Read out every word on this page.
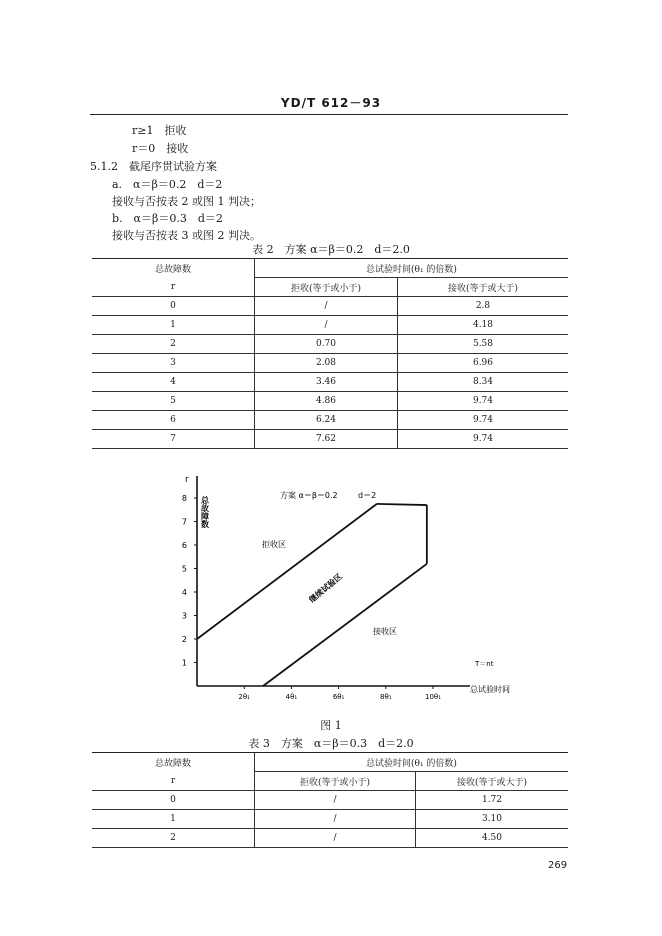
YD/T 612－93
r≥1　拒收
r＝0　接收
5.1.2　截尾序贯试验方案
a.　α＝β＝0.2　d＝2
接收与否按表 2 或图 1 判决；
b.　α＝β＝0.3　d＝2
接收与否按表 3 或图 2 判决。
表 2　方案 α＝β＝0.2　d＝2.0
总故障数	总试验时间(θ₁ 的倍数)	
r	拒收(等于或小于)	接收(等于或大于)
0	/	2.8
1	/	4.18
2	0.70	5.58
3	2.08	6.96
4	3.46	8.34
5	4.86	9.74
6	6.24	9.74
7	7.62	9.74
r
总故障数
1
2
3
4
5
6
7
8
2θ₁	4θ₁	6θ₁	8θ₁	10θ₁
方案 α＝β＝0.2	d＝2
拒收区
继续试验区
接收区
T＝nt
总试验时间
图 1
表 3　方案　α＝β＝0.3　d＝2.0
总故障数	总试验时间(θ₁ 的倍数)	
r	拒收(等于或小于)	接收(等于或大于)
0	/	1.72
1	/	3.10
2	/	4.50
269
